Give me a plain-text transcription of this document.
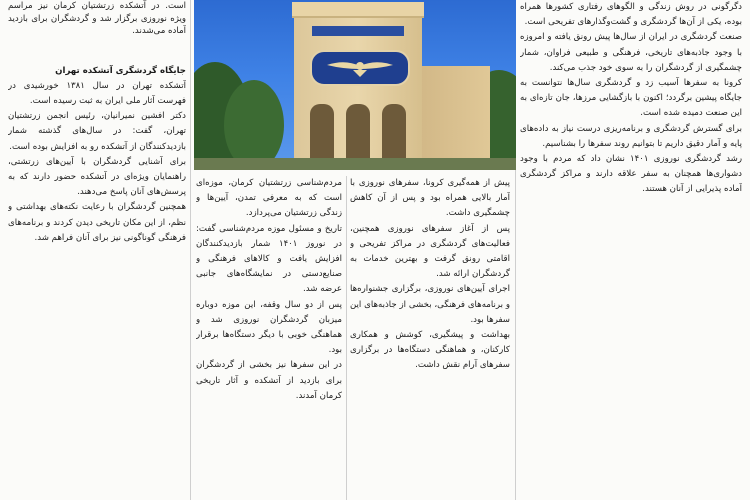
دگرگونی در روش زندگی و الگوهای رفتاری کشورها همراه بوده، یکی از آن‌ها گردشگری و گشت‌وگذارهای تفریحی است.

صنعت گردشگری در ایران از سال‌ها پیش رونق یافته و امروزه با وجود جاذبه‌های تاریخی، فرهنگی و طبیعی فراوان، شمار چشمگیری از گردشگران را به سوی خود جذب می‌کند.

کرونا به سفرها آسیب زد و گردشگری سال‌ها نتوانست به جایگاه پیشین برگردد؛ اکنون با بازگشایی مرزها، جان تازه‌ای به این صنعت دمیده شده است.

برای گسترش گردشگری و برنامه‌ریزی درست نیاز به داده‌های پایه و آمار دقیق داریم تا بتوانیم روند سفرها را بشناسیم.

رشد گردشگری نوروزی ۱۴۰۱ نشان داد که مردم با وجود دشواری‌ها همچنان به سفر علاقه دارند و مراکز گردشگری آماده پذیرایی از آنان هستند.

پیش از همه‌گیری کرونا، سفرهای نوروزی با آمار بالایی همراه بود و پس از آن کاهش چشمگیری داشت.

پس از آغاز سفرهای نوروزی همچنین، فعالیت‌های گردشگری در مراکز تفریحی و اقامتی رونق گرفت و بهترین خدمات به گردشگران ارائه شد.

اجرای آیین‌های نوروزی، برگزاری جشنواره‌ها و برنامه‌های فرهنگی، بخشی از جاذبه‌های این سفرها بود.

بهداشت و پیشگیری، کوشش و همکاری کارکنان، و هماهنگی دستگاه‌ها در برگزاری سفرهای آرام نقش داشت.

مردم‌شناسی زرتشتیان کرمان، موزه‌ای است که به معرفی تمدن، آیین‌ها و زندگی زرتشتیان می‌پردازد.

تاریخ و مسئول موزه مردم‌شناسی گفت: در نوروز ۱۴۰۱ شمار بازدیدکنندگان افزایش یافت و کالاهای فرهنگی و صنایع‌دستی در نمایشگاه‌های جانبی عرضه شد.

پس از دو سال وقفه، این موزه دوباره میزبان گردشگران نوروزی شد و هماهنگی خوبی با دیگر دستگاه‌ها برقرار بود.

در این سفرها نیز بخشی از گردشگران برای بازدید از آتشکده و آثار تاریخی کرمان آمدند.

است. در آتشکده زرتشتیان کرمان نیز مراسم ویژه نوروزی برگزار شد و گردشگران برای بازدید آماده می‌شدند.

جایگاه گردشگری آتشکده تهران

آتشکده تهران در سال ۱۳۸۱ خورشیدی در فهرست آثار ملی ایران به ثبت رسیده است.

دکتر افشین نمیرانیان، رئیس انجمن زرتشتیان تهران، گفت: در سال‌های گذشته شمار بازدیدکنندگان از آتشکده رو به افزایش بوده است.

برای آشنایی گردشگران با آیین‌های زرتشتی، راهنمایان ویژه‌ای در آتشکده حضور دارند که به پرسش‌های آنان پاسخ می‌دهند.

همچنین گردشگران با رعایت نکته‌های بهداشتی و نظم، از این مکان تاریخی دیدن کردند و برنامه‌های فرهنگی گوناگونی نیز برای آنان فراهم شد.
